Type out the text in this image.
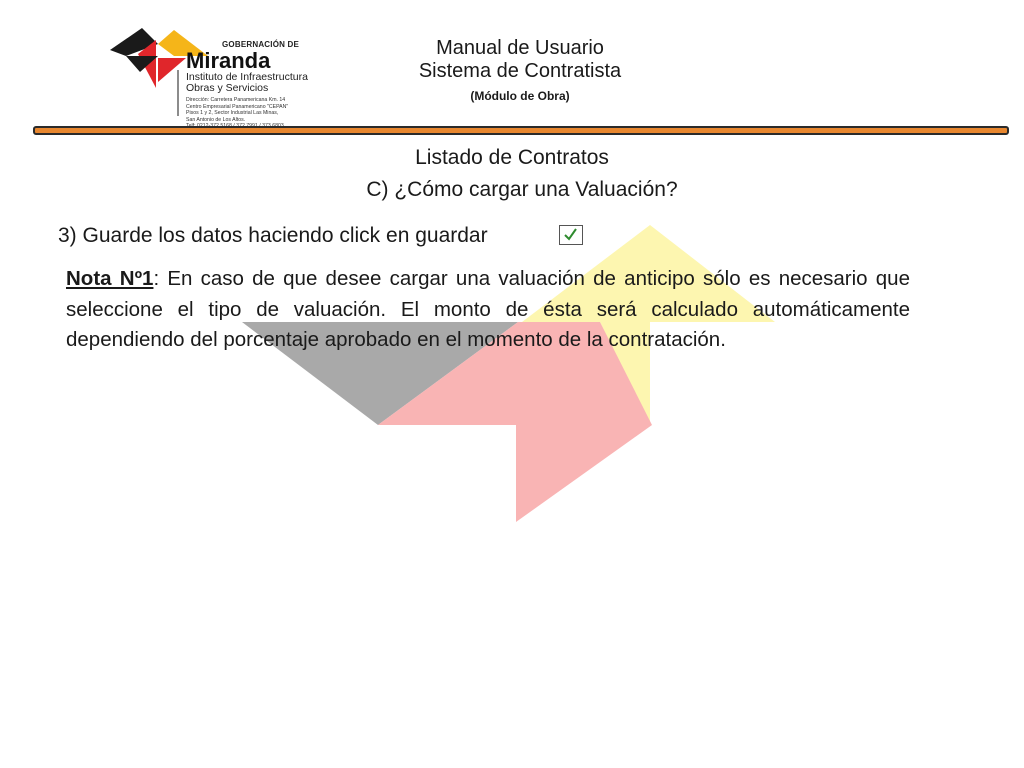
GOBERNACIÓN DE
Miranda
Instituto de Infraestructura
Obras y Servicios
Dirección: Carretera Panamericana Km. 14
Centro Empresarial Panamericano "CEPAN"
Pisos 1 y 2, Sector Industrial Las Minas,
San Antonio de Los Altos.
Manual de Usuario
Sistema de Contratista
(Módulo de Obra)
Listado de Contratos
C) ¿Cómo cargar una Valuación?
3) Guarde los datos haciendo click en guardar
Nota Nº1: En caso de que desee cargar una valuación de anticipo sólo es necesario que seleccione el tipo de valuación. El monto de ésta será calculado automáticamente dependiendo del porcentaje aprobado en el momento de la contratación.
